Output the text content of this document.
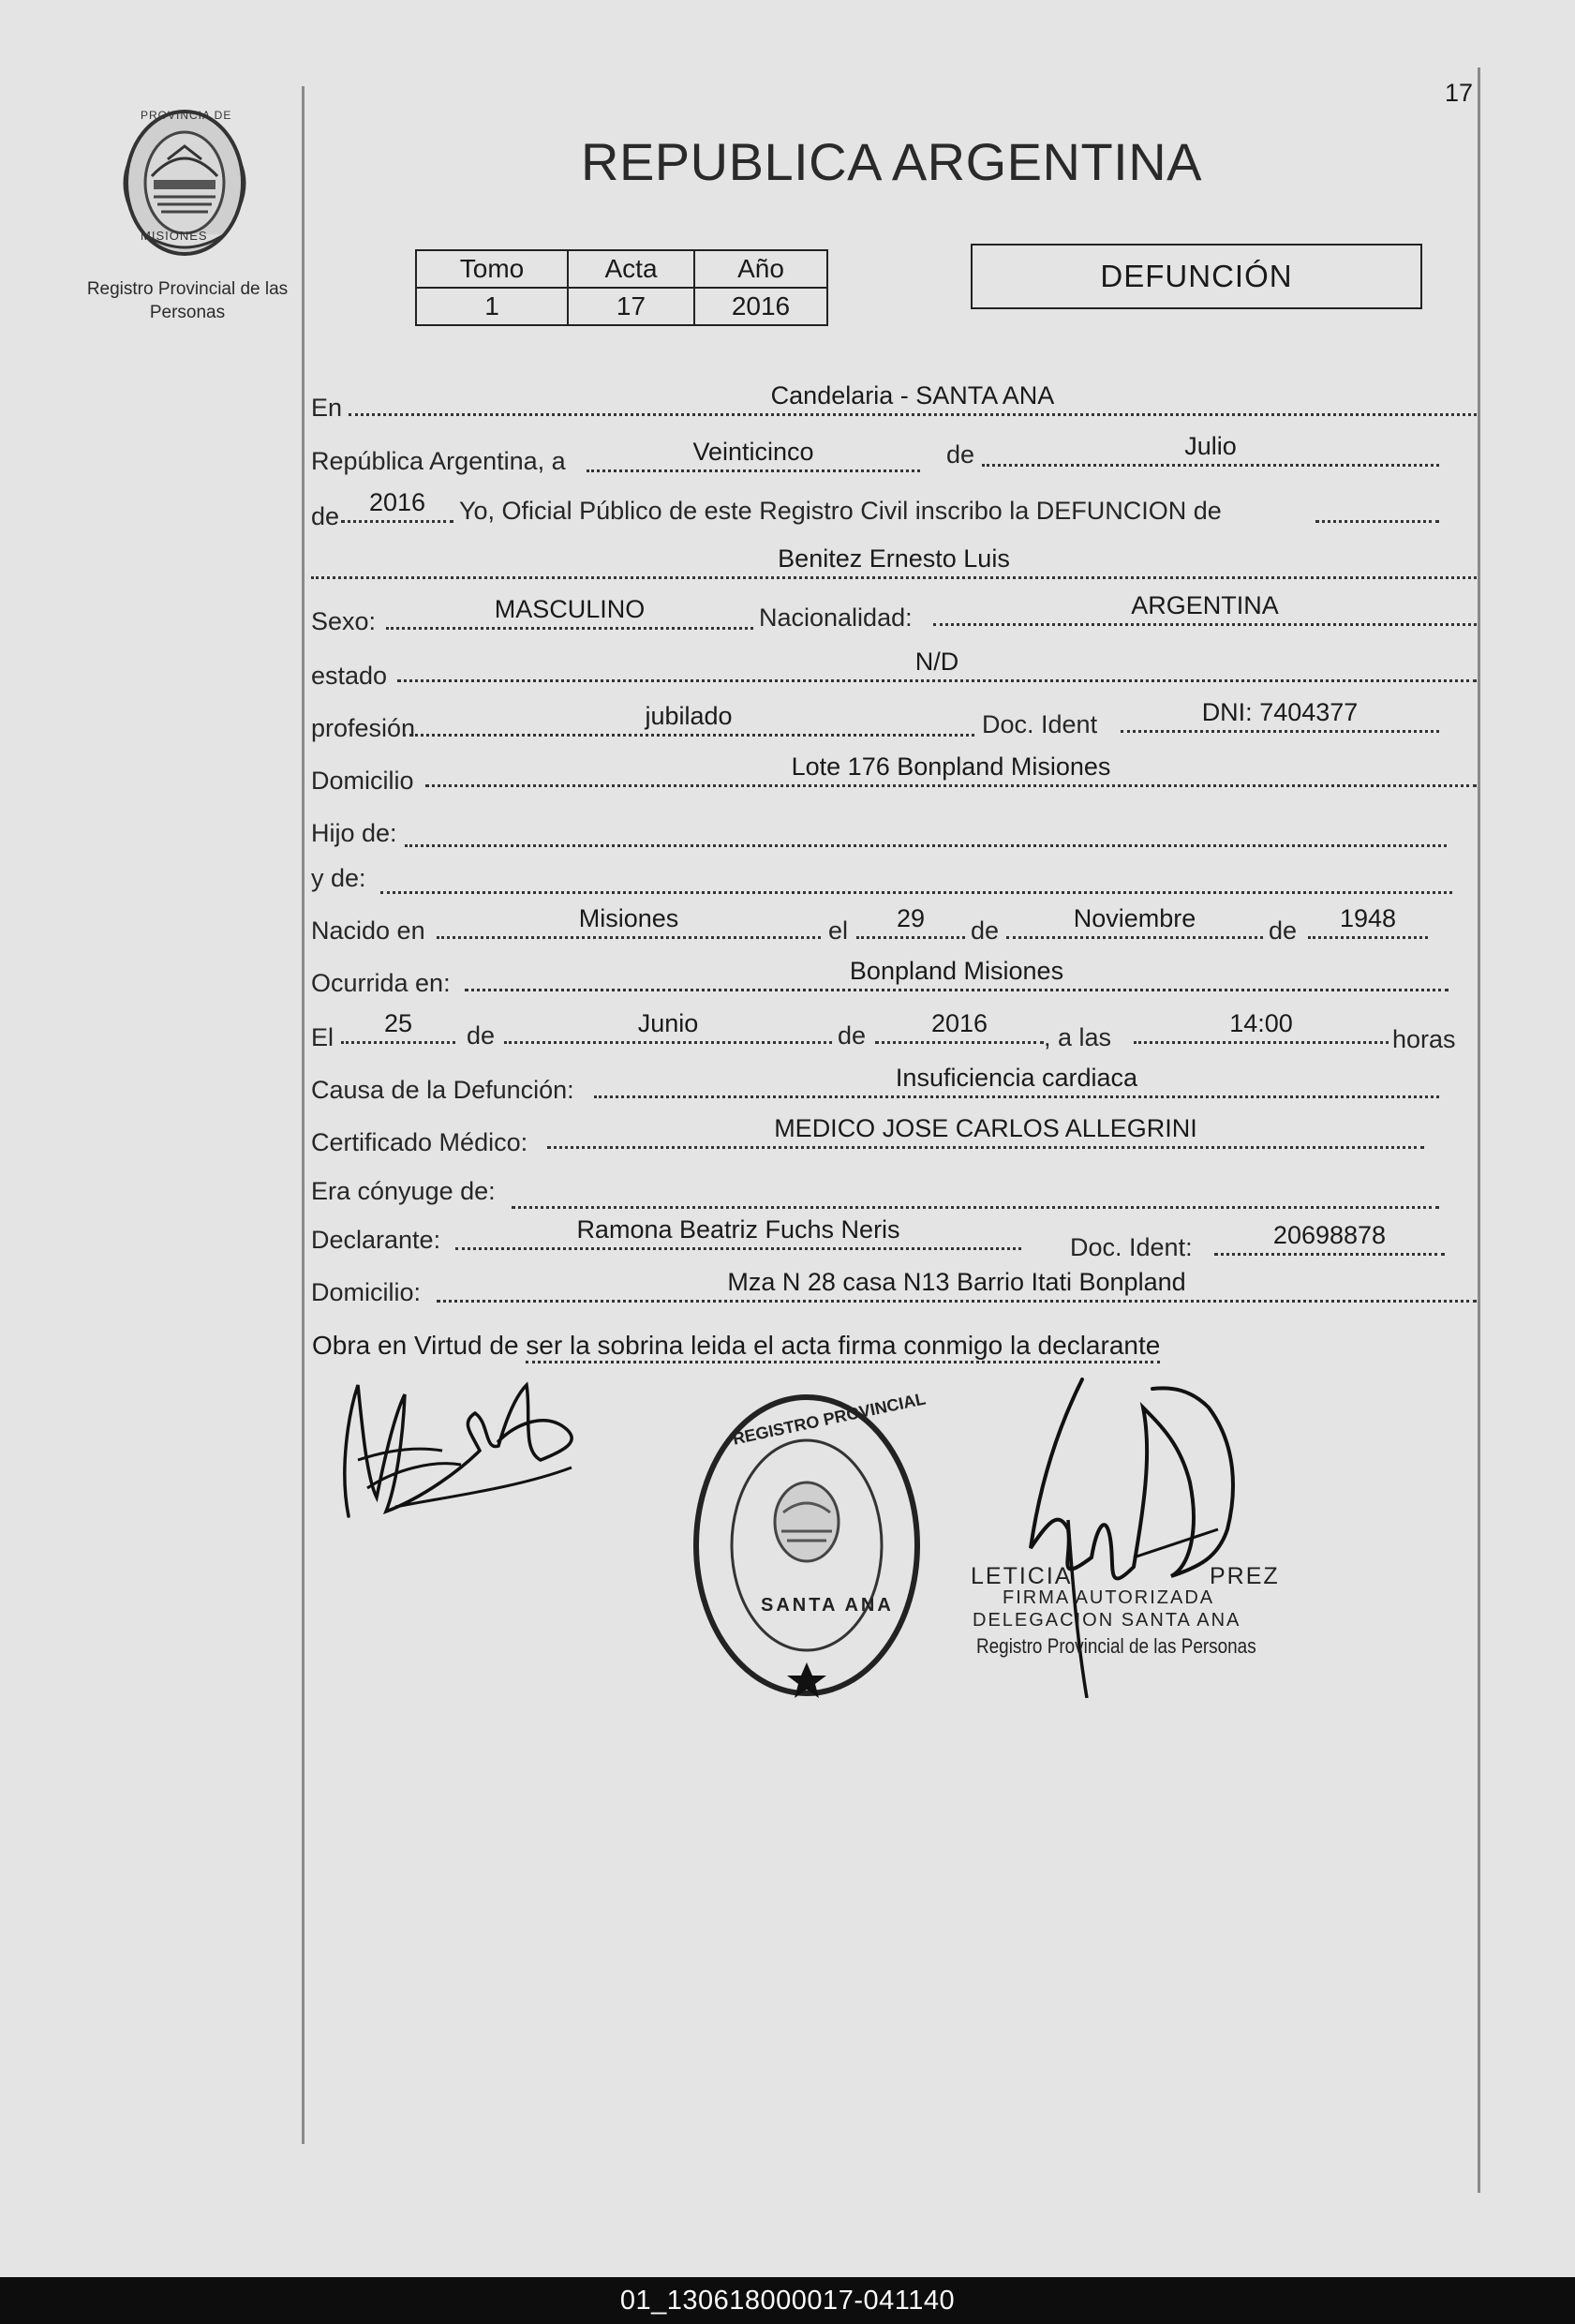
17
PROVINCIA DE
MISIONES
Registro Provincial de las Personas
REPUBLICA ARGENTINA
Tomo	Acta	Año
1	17	2016
DEFUNCIÓN
En	Candelaria - SANTA ANA
República Argentina, a	Veinticinco	de	Julio
de	2016	Yo, Oficial Público de este Registro Civil inscribo la DEFUNCION de
Benitez Ernesto Luis
Sexo:	MASCULINO	Nacionalidad:	ARGENTINA
estado	N/D
profesión	jubilado	Doc. Ident	DNI: 7404377
Domicilio	Lote 176 Bonpland Misiones
Hijo de:
y de:
Nacido en	Misiones	el	29	de	Noviembre	de	1948
Ocurrida en:	Bonpland Misiones
El	25	de	Junio	de	2016	, a las	14:00
horas
Causa de la Defunción:	Insuficiencia cardiaca
Certificado Médico:	MEDICO JOSE CARLOS ALLEGRINI
Era cónyuge de:
Declarante:	Ramona Beatriz Fuchs Neris
Doc. Ident:	20698878
Domicilio:	Mza N 28 casa N13 Barrio Itati Bonpland
Obra en Virtud de ser la sobrina leida el acta firma conmigo la declarante
REGISTRO PROVINCIAL
SANTA ANA
LETICIA	PREZ
FIRMA AUTORIZADA
DELEGACION SANTA ANA
Registro Provincial de las Personas
01_130618000017-041140
